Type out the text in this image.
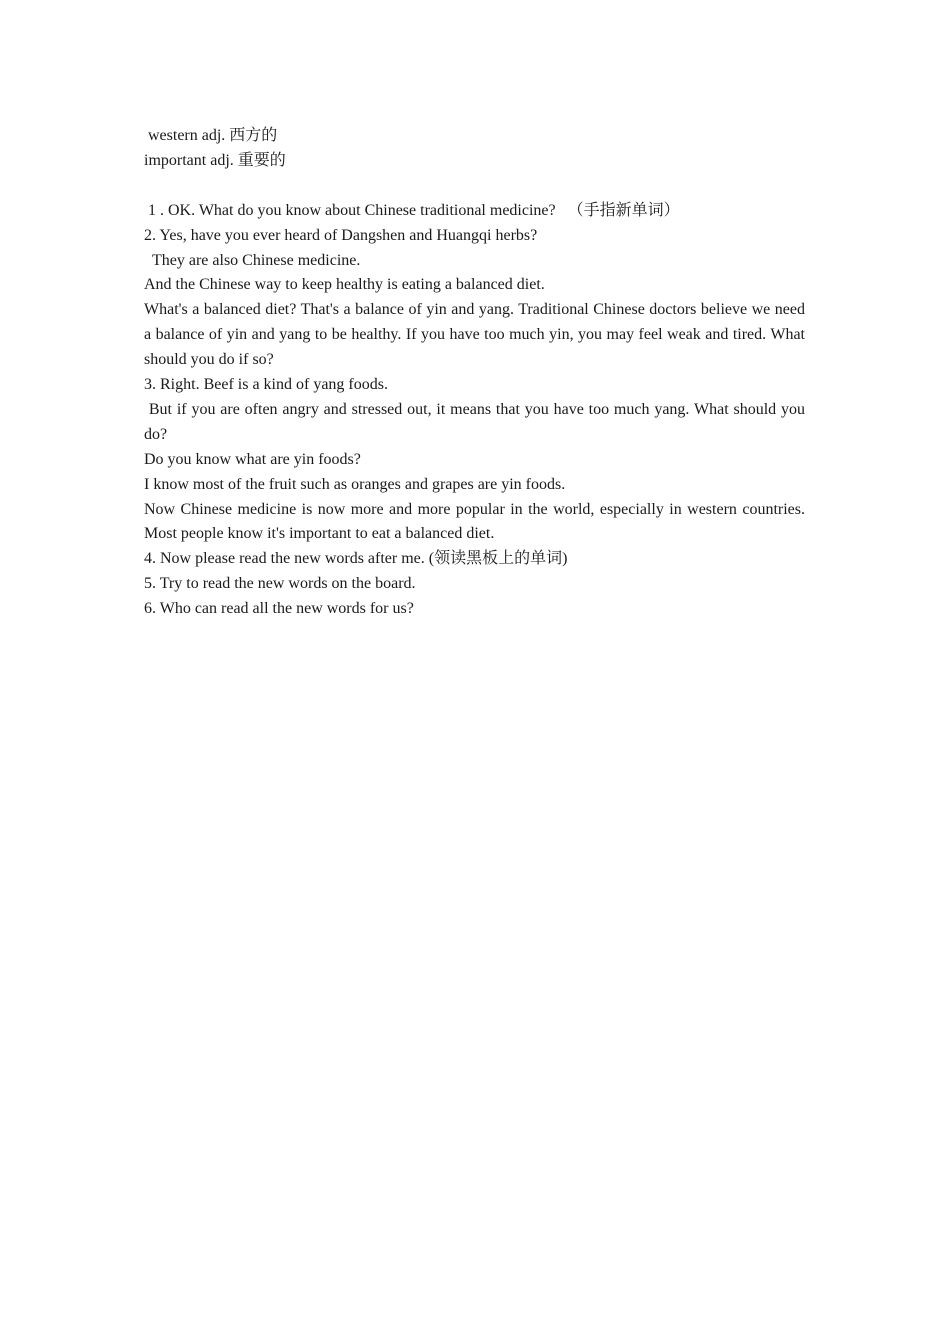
western adj. 西方的

important adj. 重要的

1 . OK. What do you know about Chinese traditional medicine?   （手指新单词）

2. Yes, have you ever heard of Dangshen and Huangqi herbs?

They are also Chinese medicine.

And the Chinese way to keep healthy is eating a balanced diet.

What's a balanced diet? That's a balance of yin and yang. Traditional Chinese doctors believe we need a balance of yin and yang to be healthy. If you have too much yin, you may feel weak and tired. What should you do if so?

3. Right. Beef is a kind of yang foods.

But if you are often angry and stressed out, it means that you have too much yang. What should you do?

Do you know what are yin foods?

I know most of the fruit such as oranges and grapes are yin foods.

Now Chinese medicine is now more and more popular in the world, especially in western countries. Most people know it's important to eat a balanced diet.

4. Now please read the new words after me. (领读黑板上的单词)

5. Try to read the new words on the board.

6. Who can read all the new words for us?
